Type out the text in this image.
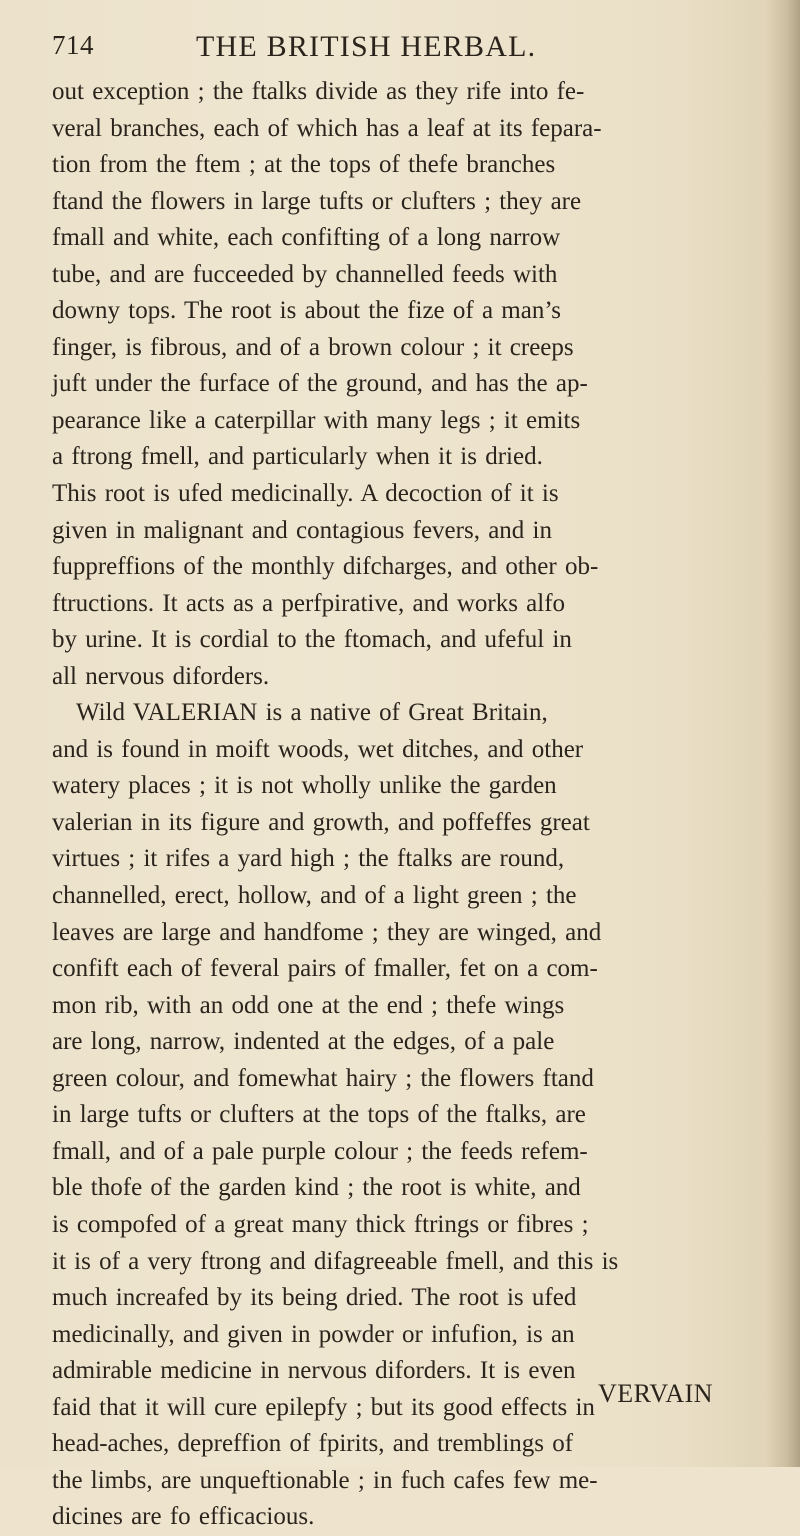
714	THE BRITISH HERBAL.
out exception ; the ftalks divide as they rife into fe-
veral branches, each of which has a leaf at its fepara-
tion from the ftem ; at the tops of thefe branches
ftand the flowers in large tufts or clufters ; they are
fmall and white, each confifting of a long narrow
tube, and are fucceeded by channelled feeds with
downy tops. The root is about the fize of a man’s
finger, is fibrous, and of a brown colour ; it creeps
juft under the furface of the ground, and has the ap-
pearance like a caterpillar with many legs ; it emits
a ftrong fmell, and particularly when it is dried.
This root is ufed medicinally. A decoction of it is
given in malignant and contagious fevers, and in
fuppreffions of the monthly difcharges, and other ob-
ftructions. It acts as a perfpirative, and works alfo
by urine. It is cordial to the ftomach, and ufeful in
all nervous diforders.
Wild VALERIAN is a native of Great Britain,
and is found in moift woods, wet ditches, and other
watery places ; it is not wholly unlike the garden
valerian in its figure and growth, and poffeffes great
virtues ; it rifes a yard high ; the ftalks are round,
channelled, erect, hollow, and of a light green ; the
leaves are large and handfome ; they are winged, and
confift each of feveral pairs of fmaller, fet on a com-
mon rib, with an odd one at the end ; thefe wings
are long, narrow, indented at the edges, of a pale
green colour, and fomewhat hairy ; the flowers ftand
in large tufts or clufters at the tops of the ftalks, are
fmall, and of a pale purple colour ; the feeds refem-
ble thofe of the garden kind ; the root is white, and
is compofed of a great many thick ftrings or fibres ;
it is of a very ftrong and difagreeable fmell, and this is
much increafed by its being dried. The root is ufed
medicinally, and given in powder or infufion, is an
admirable medicine in nervous diforders. It is even
faid that it will cure epilepfy ; but its good effects in
head-aches, depreffion of fpirits, and tremblings of
the limbs, are unqueftionable ; in fuch cafes few me-
dicines are fo efficacious.
VERVAIN
